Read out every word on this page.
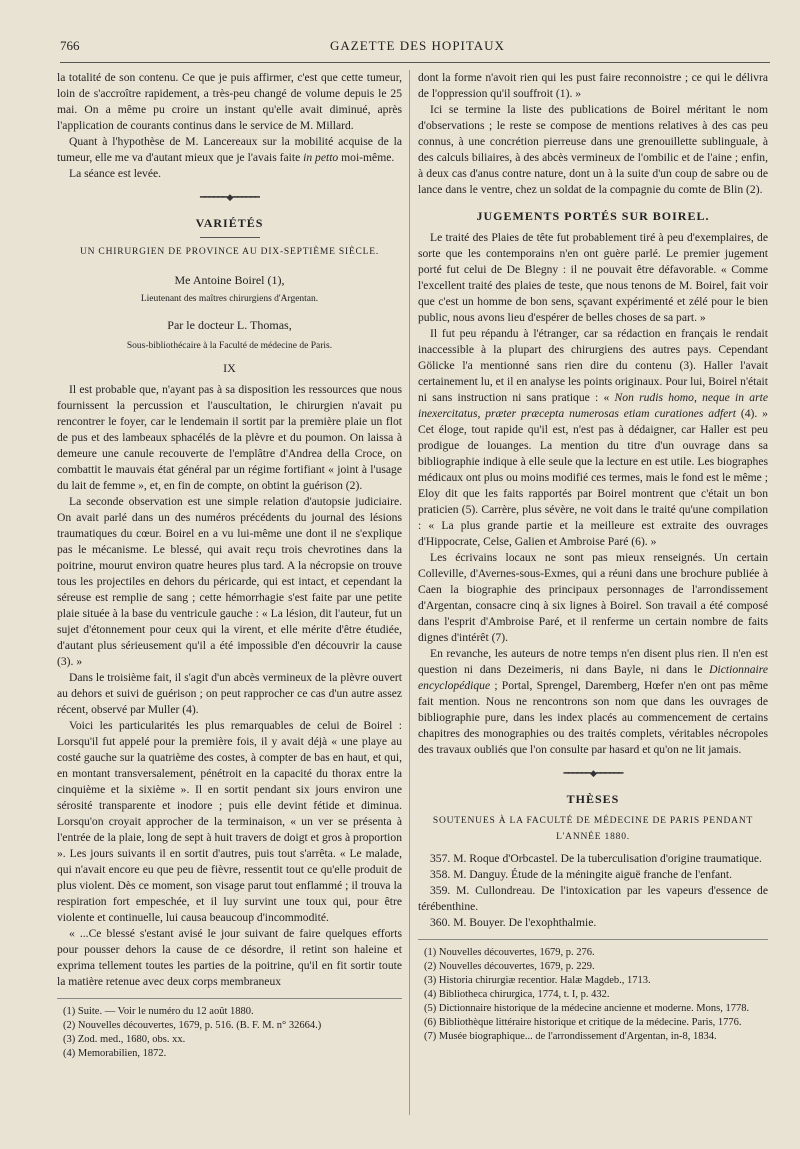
766	GAZETTE DES HOPITAUX

la totalité de son contenu. Ce que je puis affirmer, c'est que cette tumeur, loin de s'accroître rapidement, a très-peu changé de volume depuis le 25 mai. On a même pu croire un instant qu'elle avait diminué, après l'application de courants continus dans le service de M. Millard.

Quant à l'hypothèse de M. Lancereaux sur la mobilité acquise de la tumeur, elle me va d'autant mieux que je l'avais faite in petto moi-même.

La séance est levée.

━━━━━━◆━━━━━━
VARIÉTÉS
UN CHIRURGIEN DE PROVINCE AU DIX-SEPTIÈME SIÈCLE.
Me Antoine Boirel (1),
Lieutenant des maîtres chirurgiens d'Argentan.
Par le docteur L. Thomas,
Sous-bibliothécaire à la Faculté de médecine de Paris.
IX

Il est probable que, n'ayant pas à sa disposition les ressources que nous fournissent la percussion et l'auscultation, le chirurgien n'avait pu rencontrer le foyer, car le lendemain il sortit par la première plaie un flot de pus et des lambeaux sphacélés de la plèvre et du poumon. On laissa à demeure une canule recouverte de l'emplâtre d'Andrea della Croce, on combattit le mauvais état général par un régime fortifiant « joint à l'usage du lait de femme », et, en fin de compte, on obtint la guérison (2).

La seconde observation est une simple relation d'autopsie judiciaire. On avait parlé dans un des numéros précédents du journal des lésions traumatiques du cœur. Boirel en a vu lui-même une dont il ne s'explique pas le mécanisme. Le blessé, qui avait reçu trois chevrotines dans la poitrine, mourut environ quatre heures plus tard. A la nécropsie on trouve tous les projectiles en dehors du péricarde, qui est intact, et cependant la séreuse est remplie de sang ; cette hémorrhagie s'est faite par une petite plaie située à la base du ventricule gauche : « La lésion, dit l'auteur, fut un sujet d'étonnement pour ceux qui la virent, et elle mérite d'être étudiée, d'autant plus sérieusement qu'il a été impossible d'en découvrir la cause (3). »

Dans le troisième fait, il s'agit d'un abcès vermineux de la plèvre ouvert au dehors et suivi de guérison ; on peut rapprocher ce cas d'un autre assez récent, observé par Muller (4).

Voici les particularités les plus remarquables de celui de Boirel : Lorsqu'il fut appelé pour la première fois, il y avait déjà « une playe au costé gauche sur la quatrième des costes, à compter de bas en haut, et qui, en montant transversalement, pénétroit en la capacité du thorax entre la cinquième et la sixième ». Il en sortit pendant six jours environ une sérosité transparente et inodore ; puis elle devint fétide et diminua. Lorsqu'on croyait approcher de la terminaison, « un ver se présenta à l'entrée de la plaie, long de sept à huit travers de doigt et gros à proportion ». Les jours suivants il en sortit d'autres, puis tout s'arrêta. « Le malade, qui n'avait encore eu que peu de fièvre, ressentit tout ce qu'elle produit de plus violent. Dès ce moment, son visage parut tout enflammé ; il trouva la respiration fort empeschée, et il luy survint une toux qui, pour être violente et continuelle, lui causa beaucoup d'incommodité.

« ...Ce blessé s'estant avisé le jour suivant de faire quelques efforts pour pousser dehors la cause de ce désordre, il retint son haleine et exprima tellement toutes les parties de la poitrine, qu'il en fit sortir toute la matière retenue avec deux corps membraneux

(1) Suite. — Voir le numéro du 12 août 1880.

(2) Nouvelles découvertes, 1679, p. 516. (B. F. M. n° 32664.)

(3) Zod. med., 1680, obs. xx.

(4) Memorabilien, 1872.

dont la forme n'avoit rien qui les pust faire reconnoistre ; ce qui le délivra de l'oppression qu'il souffroit (1). »

Ici se termine la liste des publications de Boirel méritant le nom d'observations ; le reste se compose de mentions relatives à des cas peu connus, à une concrétion pierreuse dans une grenouillette sublinguale, à des calculs biliaires, à des abcès vermineux de l'ombilic et de l'aine ; enfin, à deux cas d'anus contre nature, dont un à la suite d'un coup de sabre ou de lance dans le ventre, chez un soldat de la compagnie du comte de Blin (2).

JUGEMENTS PORTÉS SUR BOIREL.

Le traité des Plaies de tête fut probablement tiré à peu d'exemplaires, de sorte que les contemporains n'en ont guère parlé. Le premier jugement porté fut celui de De Blegny : il ne pouvait être défavorable. « Comme l'excellent traité des plaies de teste, que nous tenons de M. Boirel, fait voir que c'est un homme de bon sens, sçavant expérimenté et zélé pour le bien public, nous avons lieu d'espérer de belles choses de sa part. »

Il fut peu répandu à l'étranger, car sa rédaction en français le rendait inaccessible à la plupart des chirurgiens des autres pays. Cependant Gölicke l'a mentionné sans rien dire du contenu (3). Haller l'avait certainement lu, et il en analyse les points originaux. Pour lui, Boirel n'était ni sans instruction ni sans pratique : « Non rudis homo, neque in arte inexercitatus, præter præcepta numerosas etiam curationes adfert (4). » Cet éloge, tout rapide qu'il est, n'est pas à dédaigner, car Haller est peu prodigue de louanges. La mention du titre d'un ouvrage dans sa bibliographie indique à elle seule que la lecture en est utile. Les biographes médicaux ont plus ou moins modifié ces termes, mais le fond est le même ; Eloy dit que les faits rapportés par Boirel montrent que c'était un bon praticien (5). Carrère, plus sévère, ne voit dans le traité qu'une compilation : « La plus grande partie et la meilleure est extraite des ouvrages d'Hippocrate, Celse, Galien et Ambroise Paré (6). »

Les écrivains locaux ne sont pas mieux renseignés. Un certain Colleville, d'Avernes-sous-Exmes, qui a réuni dans une brochure publiée à Caen la biographie des principaux personnages de l'arrondissement d'Argentan, consacre cinq à six lignes à Boirel. Son travail a été composé dans l'esprit d'Ambroise Paré, et il renferme un certain nombre de faits dignes d'intérêt (7).

En revanche, les auteurs de notre temps n'en disent plus rien. Il n'en est question ni dans Dezeimeris, ni dans Bayle, ni dans le Dictionnaire encyclopédique ; Portal, Sprengel, Daremberg, Hœfer n'en ont pas même fait mention. Nous ne rencontrons son nom que dans les ouvrages de bibliographie pure, dans les index placés au commencement de certains chapitres des monographies ou des traités complets, véritables nécropoles des travaux oubliés que l'on consulte par hasard et qu'on ne lit jamais.

━━━━━━◆━━━━━━
THÈSES
SOUTENUES À LA FACULTÉ DE MÉDECINE DE PARIS PENDANT L'ANNÉE 1880.

357. M. Roque d'Orbcastel. De la tuberculisation d'origine traumatique.

358. M. Danguy. Étude de la méningite aiguë franche de l'enfant.

359. M. Cullondreau. De l'intoxication par les vapeurs d'essence de térébenthine.

360. M. Bouyer. De l'exophthalmie.

(1) Nouvelles découvertes, 1679, p. 276.

(2) Nouvelles découvertes, 1679, p. 229.

(3) Historia chirurgiæ recentior. Halæ Magdeb., 1713.

(4) Bibliotheca chirurgica, 1774, t. I, p. 432.

(5) Dictionnaire historique de la médecine ancienne et moderne. Mons, 1778.

(6) Bibliothèque littéraire historique et critique de la médecine. Paris, 1776.

(7) Musée biographique... de l'arrondissement d'Argentan, in-8, 1834.
